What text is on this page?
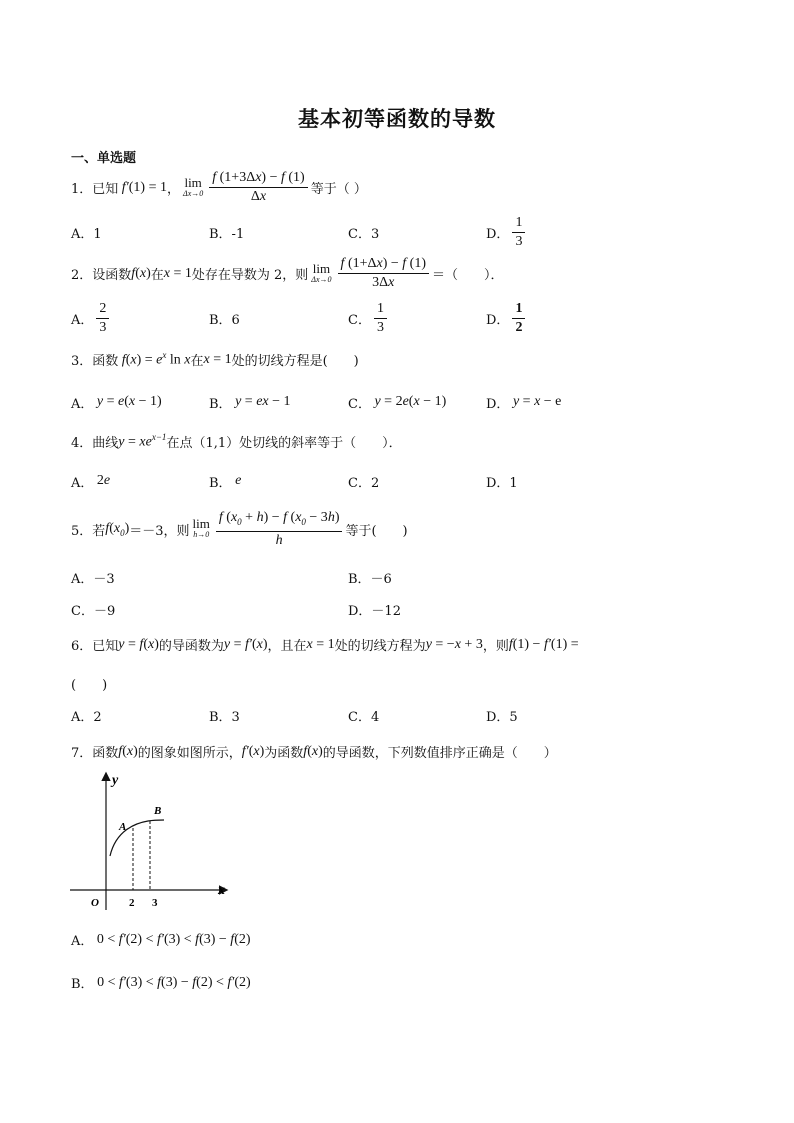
基本初等函数的导数
一、单选题
1． 已知 f′(1) = 1 ， lim
$\Delta x\to 0 \frac{f (1+3\Delta x) - f (1)}{\Delta x}$ 等于（ ）
A．1	B．-1	C．3	D． $\frac{1}{3}$
2． 设函数 f(x) 在 x = 1 处存在导数为 2，则 lim
$\Delta x\to 0 \frac{f (1+\Delta x) - f (1)}{3\Delta x}$ ＝（　　）．
A． $\frac{2}{3}$	B．6	C． $\frac{1}{3}$	D． $\frac{1}{2}$
3． 函数 $f(x) = e^x$ ln x 在 x = 1 处的切线方程是(　　)
A． y = e(x − 1)	B． y = ex − 1	C． y = 2e(x − 1)	D． y = x − e
4． 曲线 $y = xe^{x-1}$ 在点（1,1）处切线的斜率等于（　　）．
A． 2e	B． e	C．2	D．1
5． 若 $f(x_0) =-3$，则 lim
$h\to 0 \frac{f (x_0 + h) - f (x_0 - 3h)}{h}$ 等于(　　)
A．－3	B．－6
C．－9	D．－12
6． 已知 y = f(x) 的导函数为 y = f′(x) ，且在 x = 1 处的切线方程为 y = −x + 3 ，则 f(1) − f′(1) =
(　　)
A．2	B．3	C．4	D．5
7． 函数 f(x) 的图象如图所示， f′(x) 为函数 f(x) 的导函数，下列数值排序正确是（　　）
y
x
O
A
B
2 3
A． 0 < f′(2) < f′(3) < f(3) − f(2)
B． 0 < f′(3) < f(3) − f(2) < f′(2)
